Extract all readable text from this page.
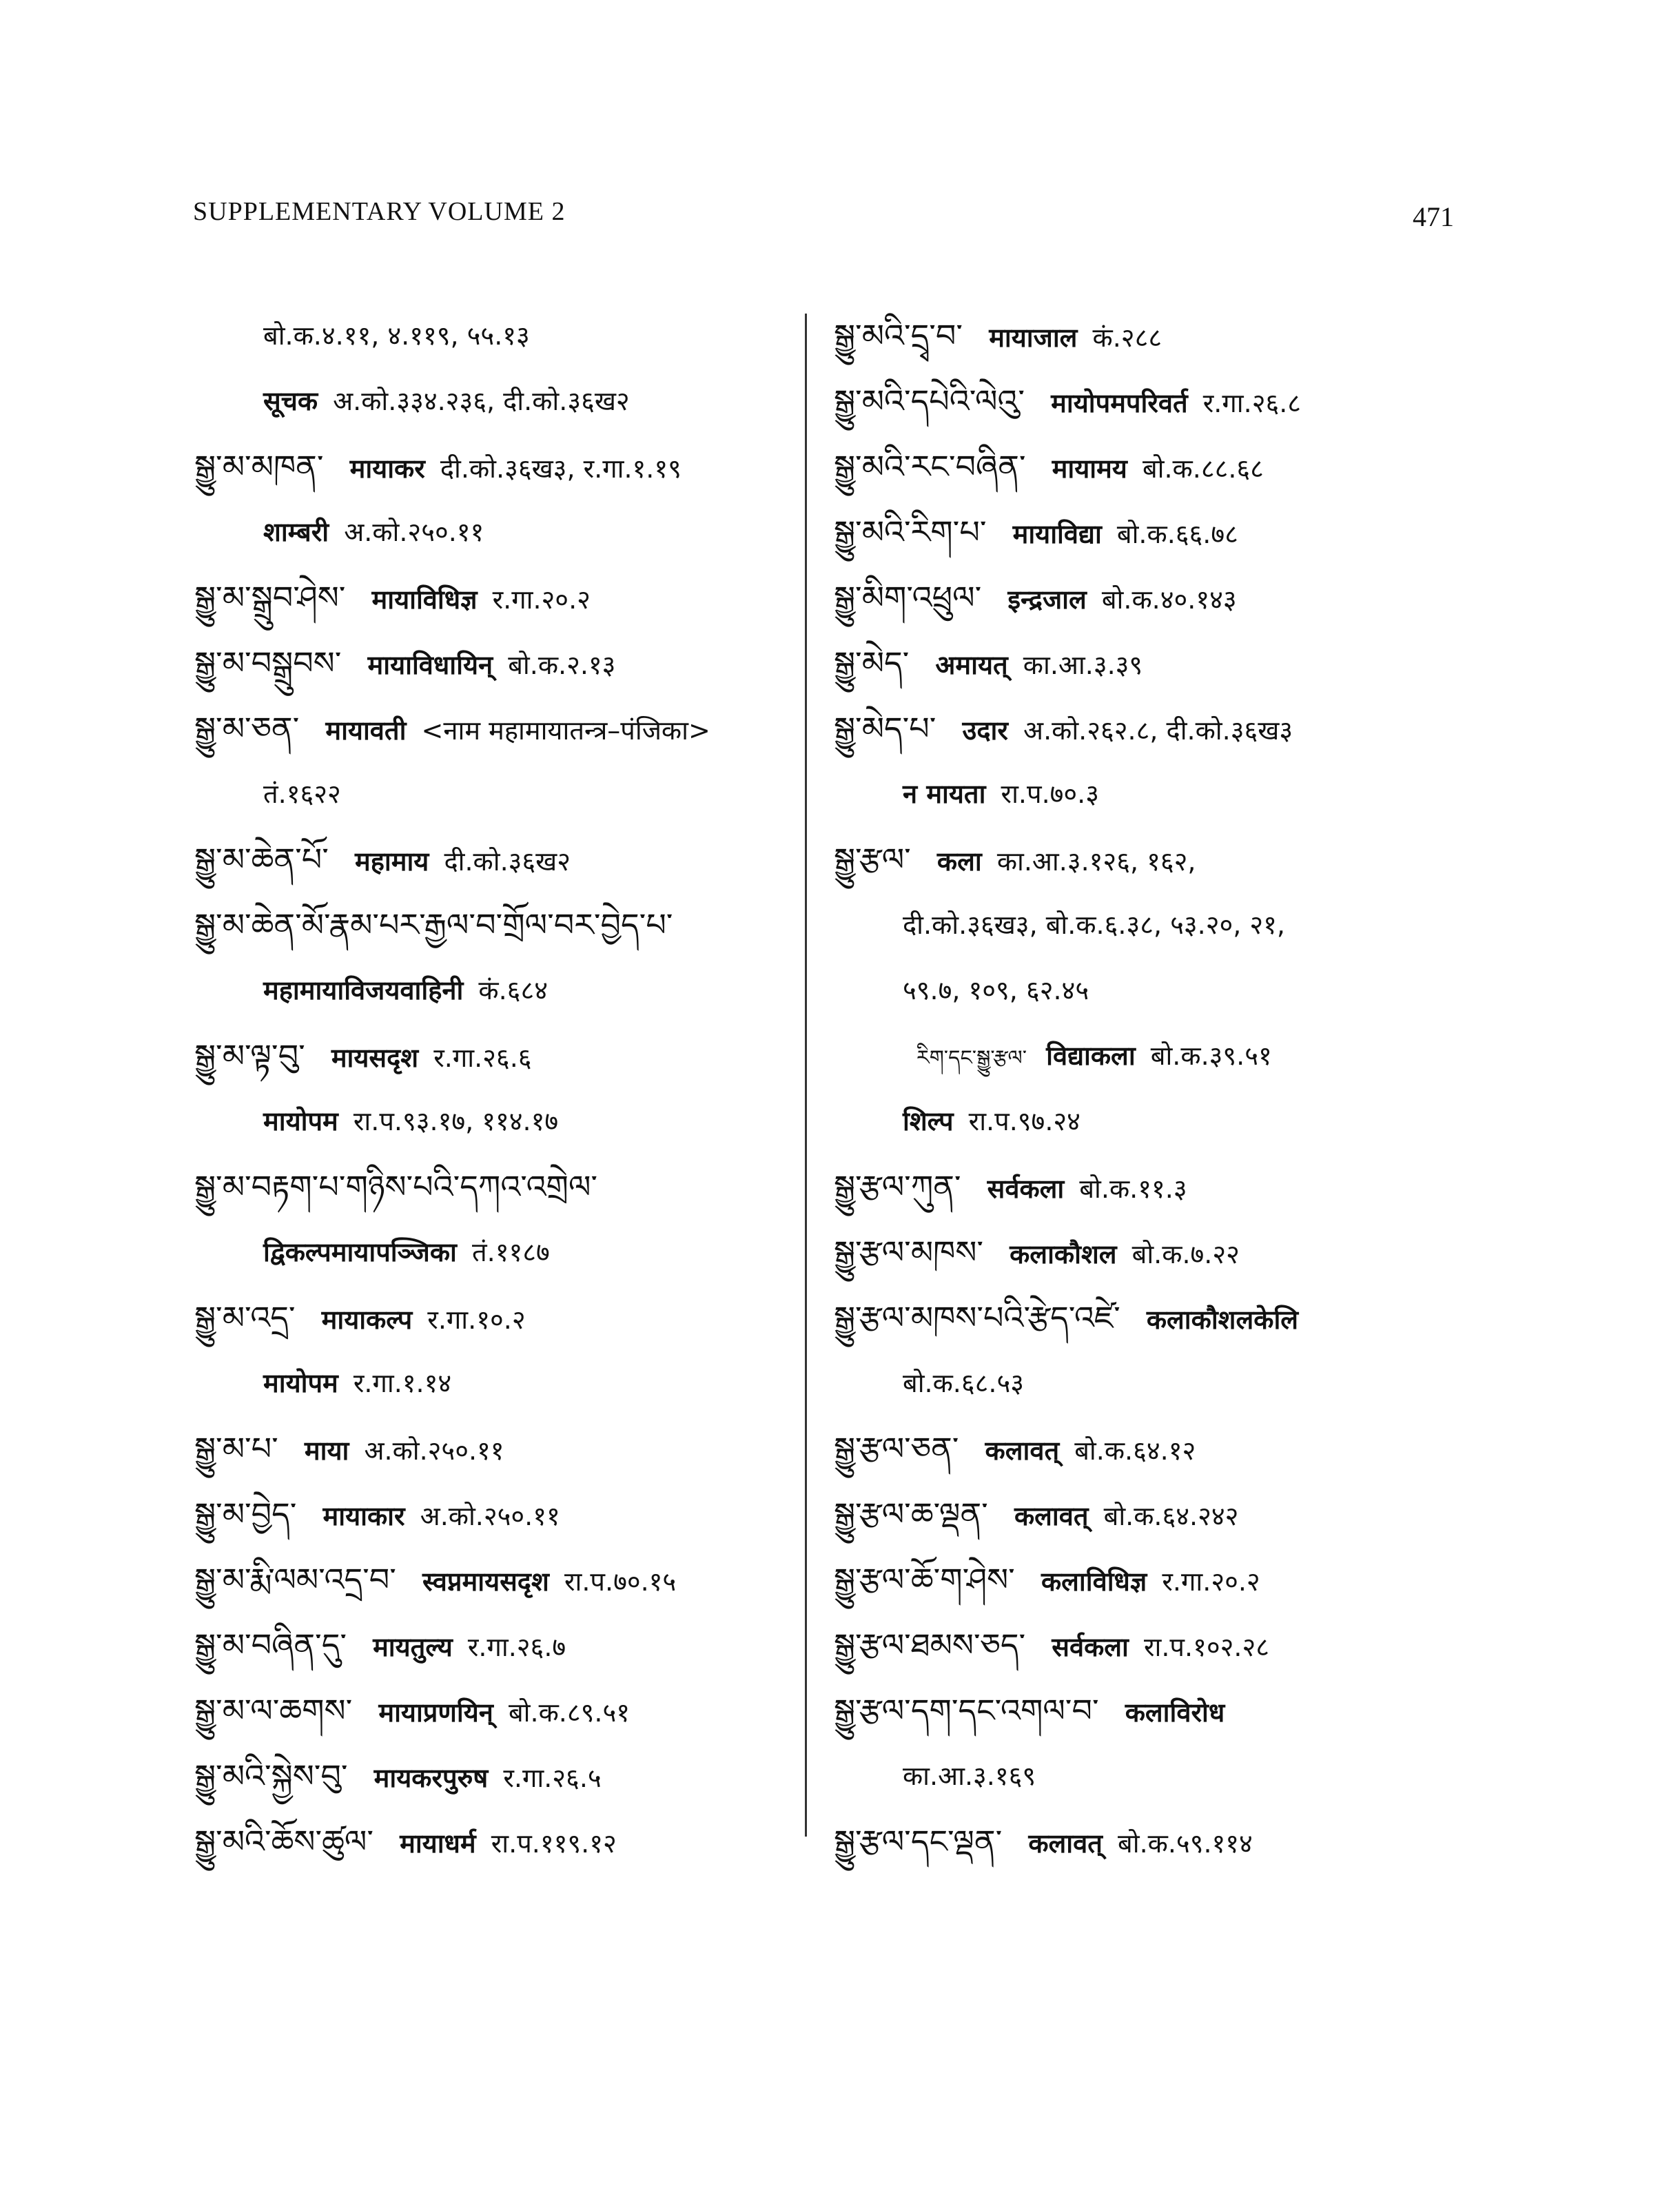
SUPPLEMENTARY VOLUME 2	471
बो.क.४.११, ४.११९, ५५.१३
सूचक अ.को.३३४.२३६, दी.को.३६ख२
སྒྱུ་མ་མཁན་ मायाकर दी.को.३६ख३, र.गा.१.१९
शाम्बरी अ.को.२५०.११
སྒྱུ་མ་སྒྲུབ་ཤེས་ मायाविधिज्ञ र.गा.२०.२
སྒྱུ་མ་བསྒྲུབས་ मायाविधायिन् बो.क.२.१३
སྒྱུ་མ་ཅན་ मायावती <नाम महामायातन्त्र–पंजिका>
तं.१६२२
སྒྱུ་མ་ཆེན་པོ་ महामाय दी.को.३६ख२
སྒྱུ་མ་ཆེན་མོ་རྣམ་པར་རྒྱལ་བ་གྲོལ་བར་བྱེད་པ་
महामायाविजयवाहिनी कं.६८४
སྒྱུ་མ་ལྟ་བུ་ मायसदृश र.गा.२६.६
मायोपम रा.प.९३.१७, ११४.१७
སྒྱུ་མ་བརྟག་པ་གཉིས་པའི་དཀའ་འགྲེལ་
द्विकल्पमायापञ्जिका तं.११८७
སྒྱུ་མ་འདྲ་ मायाकल्प र.गा.१०.२
मायोपम र.गा.१.१४
སྒྱུ་མ་པ་ माया अ.को.२५०.११
སྒྱུ་མ་བྱེད་ मायाकार अ.को.२५०.११
སྒྱུ་མ་རྨི་ལམ་འདྲ་བ་ स्वप्नमायसदृश रा.प.७०.१५
སྒྱུ་མ་བཞིན་དུ་ मायतुल्य र.गा.२६.७
སྒྱུ་མ་ལ་ཆགས་ मायाप्रणयिन् बो.क.८९.५१
སྒྱུ་མའི་སྐྱེས་བུ་ मायकरपुरुष र.गा.२६.५
སྒྱུ་མའི་ཆོས་ཚུལ་ मायाधर्म रा.प.११९.१२
སྒྱུ་མའི་དྲྭ་བ་ मायाजाल कं.२८८
སྒྱུ་མའི་དཔེའི་ལེའུ་ मायोपमपरिवर्त र.गा.२६.८
སྒྱུ་མའི་རང་བཞིན་ मायामय बो.क.८८.६८
སྒྱུ་མའི་རིག་པ་ मायाविद्या बो.क.६६.७८
སྒྱུ་མིག་འཕྲུལ་ इन्द्रजाल बो.क.४०.१४३
སྒྱུ་མེད་ अमायत् का.आ.३.३९
སྒྱུ་མེད་པ་ उदार अ.को.२६२.८, दी.को.३६ख३
न मायता रा.प.७०.३
སྒྱུ་རྩལ་ कला का.आ.३.१२६, १६२,
दी.को.३६ख३, बो.क.६.३८, ५३.२०, २१,
५९.७, १०९, ६२.४५
རིག་དང་སྒྱུ་རྩལ་ विद्याकला बो.क.३९.५१
शिल्प रा.प.९७.२४
སྒྱུ་རྩལ་ཀུན་ सर्वकला बो.क.११.३
སྒྱུ་རྩལ་མཁས་ कलाकौशल बो.क.७.२२
སྒྱུ་རྩལ་མཁས་པའི་རྩེད་འཛེ་ कलाकौशलकेलि
बो.क.६८.५३
སྒྱུ་རྩལ་ཅན་ कलावत् बो.क.६४.१२
སྒྱུ་རྩལ་ཆ་ལྡན་ कलावत् बो.क.६४.२४२
སྒྱུ་རྩལ་ཆོ་ག་ཤེས་ कलाविधिज्ञ र.गा.२०.२
སྒྱུ་རྩལ་ཐམས་ཅད་ सर्वकला रा.प.१०२.२८
སྒྱུ་རྩལ་དག་དང་འགལ་བ་ कलाविरोध
का.आ.३.१६९
སྒྱུ་རྩལ་དང་ལྡན་ कलावत् बो.क.५९.११४
